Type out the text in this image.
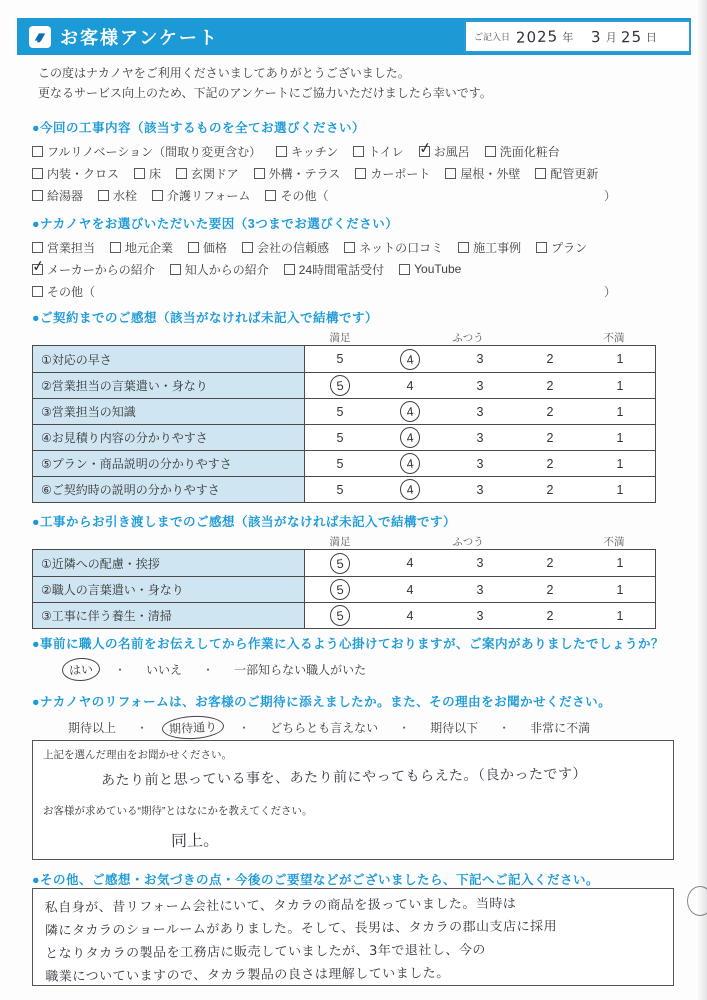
お客様アンケート	ご記入日 2025 年 3 月 25 日
この度はナカノヤをご利用くださいましてありがとうございました。
更なるサービス向上のため、下記のアンケートにご協力いただけましたら幸いです。
●今回の工事内容（該当するものを全てお選びください）
フルリノベーション（間取り変更含む）	キッチン	トイレ ✓ お風呂	洗面化粧台
内装・クロス	床	玄関ドア	外構・テラス	カーポート	屋根・外壁	配管更新
給湯器	水栓	介護リフォーム	その他（	）
●ナカノヤをお選びいただいた要因（3つまでお選びください）
営業担当	地元企業	価格	会社の信頼感	ネットの口コミ	施工事例	プラン
✓ メーカーからの紹介	知人からの紹介	24時間電話受付	YouTube
その他（	）
●ご契約までのご感想（該当がなければ未記入で結構です）
満足	ふつう	不満
①対応の早さ	5	4	3	2	1
②営業担当の言葉遣い・身なり	5	4	3	2	1
③営業担当の知識	5	4	3	2	1
④お見積り内容の分かりやすさ	5	4	3	2	1
⑤プラン・商品説明の分かりやすさ	5	4	3	2	1
⑥ご契約時の説明の分かりやすさ	5	4	3	2	1
●工事からお引き渡しまでのご感想（該当がなければ未記入で結構です）
満足	ふつう	不満
①近隣への配慮・挨拶	5	4	3	2	1
②職人の言葉遣い・身なり	5	4	3	2	1
③工事に伴う養生・清掃	5	4	3	2	1
●事前に職人の名前をお伝えしてから作業に入るよう心掛けておりますが、ご案内がありましたでしょうか？
はい	・	いいえ	・	一部知らない職人がいた
●ナカノヤのリフォームは、お客様のご期待に添えましたか。また、その理由をお聞かせください。
期待以上	・	期待通り	・	どちらとも言えない	・	期待以下	・	非常に不満
上記を選んだ理由をお聞かせください。
あたり前と思っている事を、あたり前にやってもらえた。（良かったです）
お客様が求めている“期待”とはなにかを教えてください。
同上。
●その他、ご感想・お気づきの点・今後のご要望などがございましたら、下記へご記入ください。
私自身が、昔リフォーム会社にいて、タカラの商品を扱っていました。当時は
隣にタカラのショールームがありました。そして、長男は、タカラの郡山支店に採用
となりタカラの製品を工務店に販売していましたが、3年で退社し、今の
職業についていますので、タカラ製品の良さは理解していました。
